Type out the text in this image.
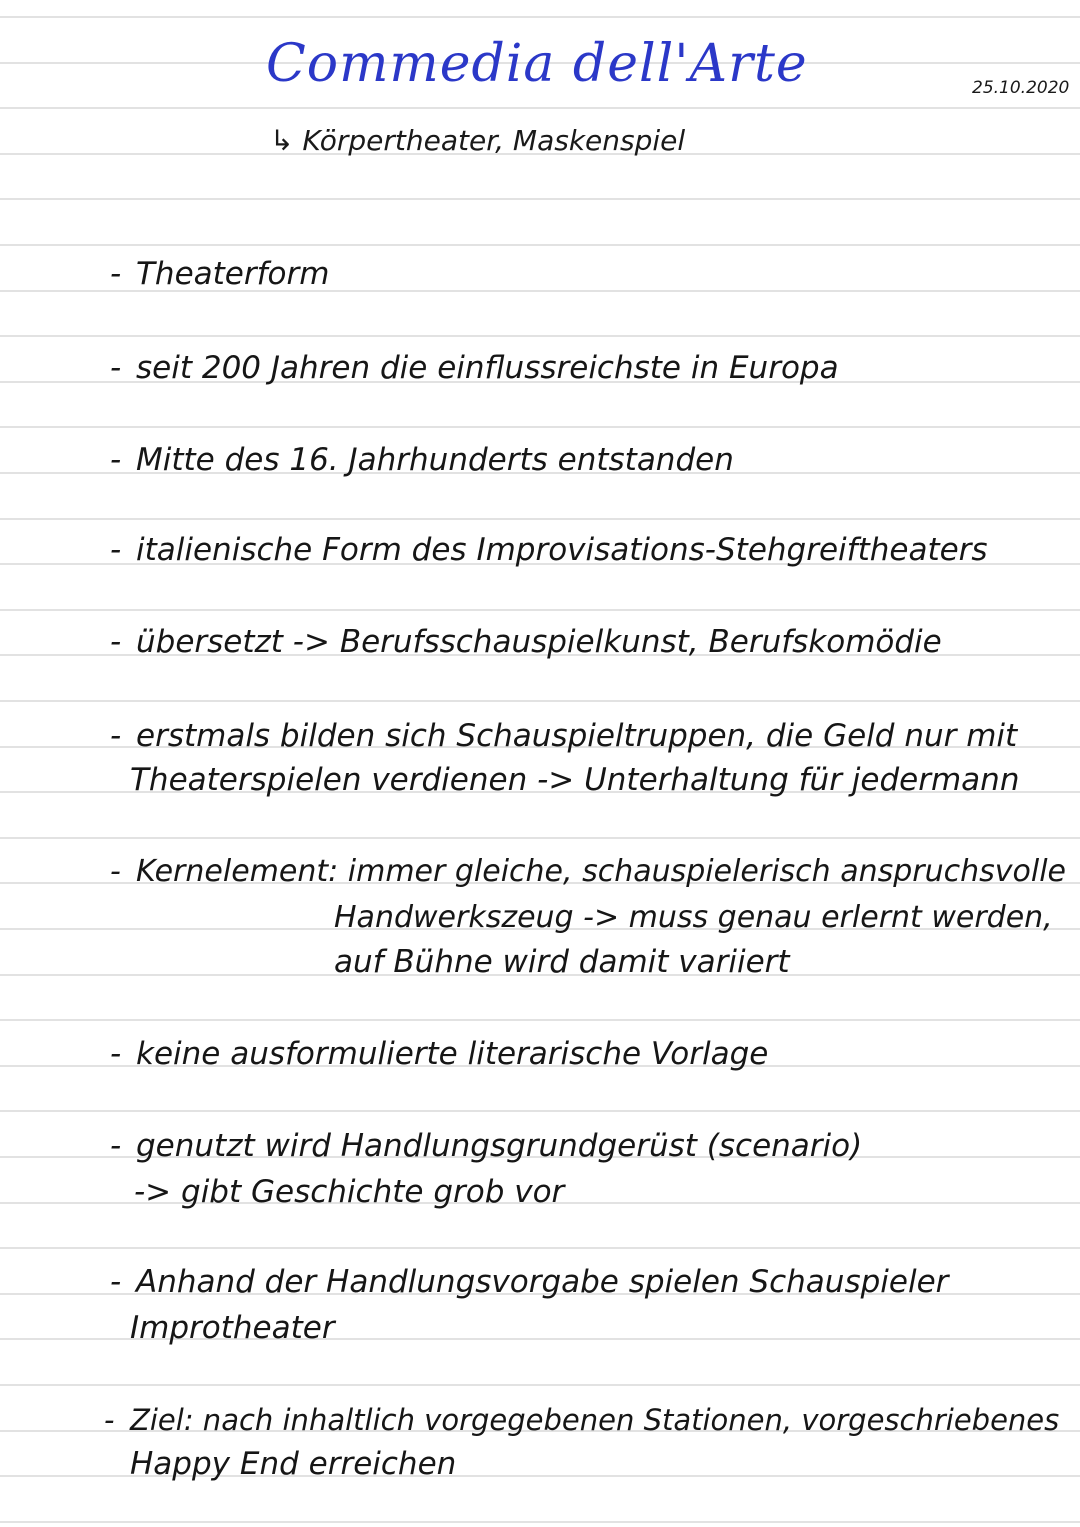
Commedia dell'Arte	25.10.2020
↳ Körpertheater, Maskenspiel
- Theaterform
- seit 200 Jahren die einflussreichste in Europa
- Mitte des 16. Jahrhunderts entstanden
- italienische Form des Improvisations-Stehgreiftheaters
- übersetzt -> Berufsschauspielkunst, Berufskomödie
- erstmals bilden sich Schauspieltruppen, die Geld nur mit
Theaterspielen verdienen -> Unterhaltung für jedermann
- Kernelement: immer gleiche, schauspielerisch anspruchsvolle
Handwerkszeug -> muss genau erlernt werden,
auf Bühne wird damit variiert
- keine ausformulierte literarische Vorlage
- genutzt wird Handlungsgrundgerüst (scenario)
-> gibt Geschichte grob vor
- Anhand der Handlungsvorgabe spielen Schauspieler
Improtheater
- Ziel: nach inhaltlich vorgegebenen Stationen, vorgeschriebenes
Happy End erreichen
